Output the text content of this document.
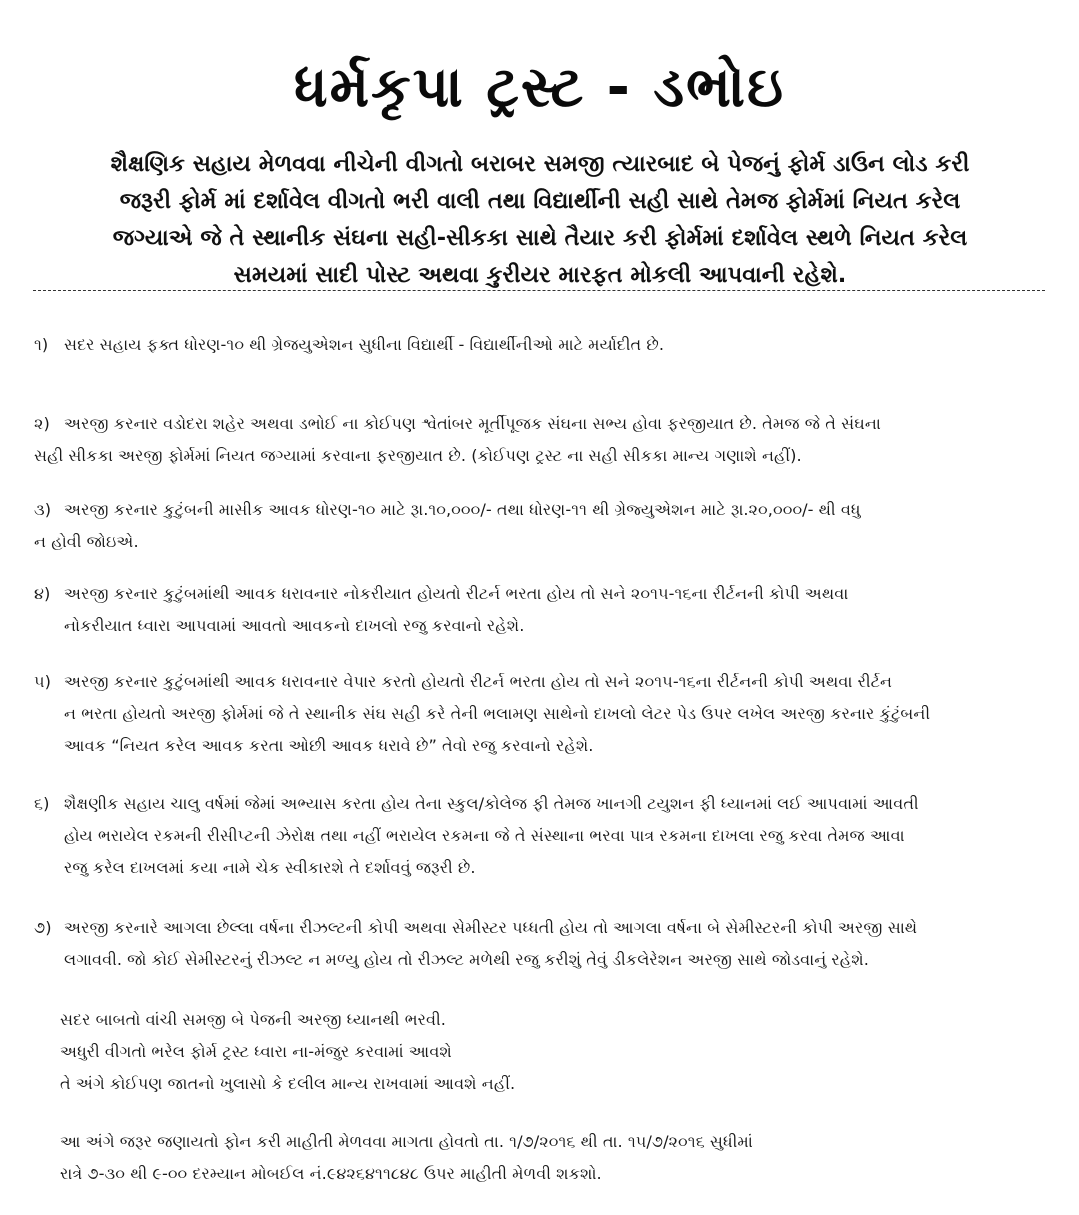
ધર્મકૃપા ટ્રસ્ટ - ડભોઇ
શૈક્ષણિક સહાય મેળવવા નીચેની વીગતો બરાબર સમજી ત્યારબાદ બે પેજનું ફોર્મ ડાઉન લોડ કરી
જરૂરી ફોર્મ માં દર્શાવેલ વીગતો ભરી વાલી તથા વિદ્યાર્થીની સહી સાથે તેમજ ફોર્મમાં નિયત કરેલ
જગ્યાએ જે તે સ્થાનીક સંઘના સહી-સીકકા સાથે તૈયાર કરી ફોર્મમાં દર્શાવેલ સ્થળે નિયત કરેલ
સમયમાં સાદી પોસ્ટ અથવા કુરીયર મારફત મોકલી આપવાની રહેશે.
૧) સદર સહાય ફક્ત ધોરણ-૧૦ થી ગ્રેજયુએશન સુધીના વિદ્યાર્થી - વિદ્યાર્થીનીઓ માટે મર્યાદીત છે.
૨) અરજી કરનાર વડોદરા શહેર અથવા ડભોઈ ના કોઈપણ શ્વેતાંબર મૂર્તીપૂજક સંઘના સભ્ય હોવા ફરજીયાત છે. તેમજ જે તે સંઘના
સહી સીકકા અરજી ફોર્મમાં નિયત જગ્યામાં કરવાના ફરજીયાત છે. (કોઈપણ ટ્રસ્ટ ના સહી સીકકા માન્ય ગણાશે નહીં).
૩) અરજી કરનાર કુટુંબની માસીક આવક ધોરણ-૧૦ માટે રૂા.૧૦,૦૦૦/- તથા ધોરણ-૧૧ થી ગ્રેજ્યુએશન માટે રૂા.૨૦,૦૦૦/- થી વધુ
ન હોવી જોઇએ.
૪) અરજી કરનાર કુટુંબમાંથી આવક ધરાવનાર નોકરીયાત હોયતો રીટર્ન ભરતા હોય તો સને ૨૦૧૫-૧૬ના રીર્ટનની કોપી અથવા
નોકરીયાત ધ્વારા આપવામાં આવતો આવકનો દાખલો રજુ કરવાનો રહેશે.
૫) અરજી કરનાર કુટુંબમાંથી આવક ધરાવનાર વેપાર કરતો હોયતો રીટર્ન ભરતા હોય તો સને ૨૦૧૫-૧૬ના રીર્ટનની કોપી અથવા રીર્ટન
ન ભરતા હોયતો અરજી ફોર્મમાં જે તે સ્થાનીક સંઘ સહી કરે તેની ભલામણ સાથેનો દાખલો લેટર પેડ ઉપર લખેલ અરજી કરનાર કુંટુંબની
આવક “નિયત કરેલ આવક કરતા ઓછી આવક ધરાવે છે” તેવો રજુ કરવાનો રહેશે.
૬) શૈક્ષણીક સહાય ચાલુ વર્ષમાં જેમાં અભ્યાસ કરતા હોય તેના સ્કુલ/કોલેજ ફી તેમજ ખાનગી ટયુશન ફી ધ્યાનમાં લઈ આપવામાં આવતી
હોય ભરાયેલ રકમની રીસીપ્ટની ઝેરોક્ષ તથા નહીં ભરાયેલ રકમના જે તે સંસ્થાના ભરવા પાત્ર રકમના દાખલા રજુ કરવા તેમજ આવા
રજુ કરેલ દાખલમાં કયા નામે ચેક સ્વીકારશે તે દર્શાવવું જરૂરી છે.
૭) અરજી કરનારે આગલા છેલ્લા વર્ષના રીઝલ્ટની કોપી અથવા સેમીસ્ટર પધ્ધતી હોય તો આગલા વર્ષના બે સેમીસ્ટરની કોપી અરજી સાથે
લગાવવી. જો કોઈ સેમીસ્ટરનું રીઝલ્ટ ન મળ્યુ હોય તો રીઝલ્ટ મળેથી રજુ કરીશું તેવું ડીકલેરેશન અરજી સાથે જોડવાનું રહેશે.
સદર બાબતો વાંચી સમજી બે પેજની અરજી ધ્યાનથી ભરવી.
અધુરી વીગતો ભરેલ ફોર્મ ટ્રસ્ટ ધ્વારા ના-મંજુર કરવામાં આવશે
તે અંગે કોઈપણ જાતનો ખુલાસો કે દલીલ માન્ય રાખવામાં આવશે નહીં.
આ અંગે જરૂર જણાયતો ફોન કરી માહીતી મેળવવા માગતા હોવતો તા. ૧/૭/૨૦૧૬ થી તા. ૧૫/૭/૨૦૧૬ સુધીમાં
રાત્રે ૭-૩૦ થી ૯-૦૦ દરમ્યાન મોબઈલ નં.૯૪૨૬૪૧૧૮૪૮ ઉપર માહીતી મેળવી શકશો.
